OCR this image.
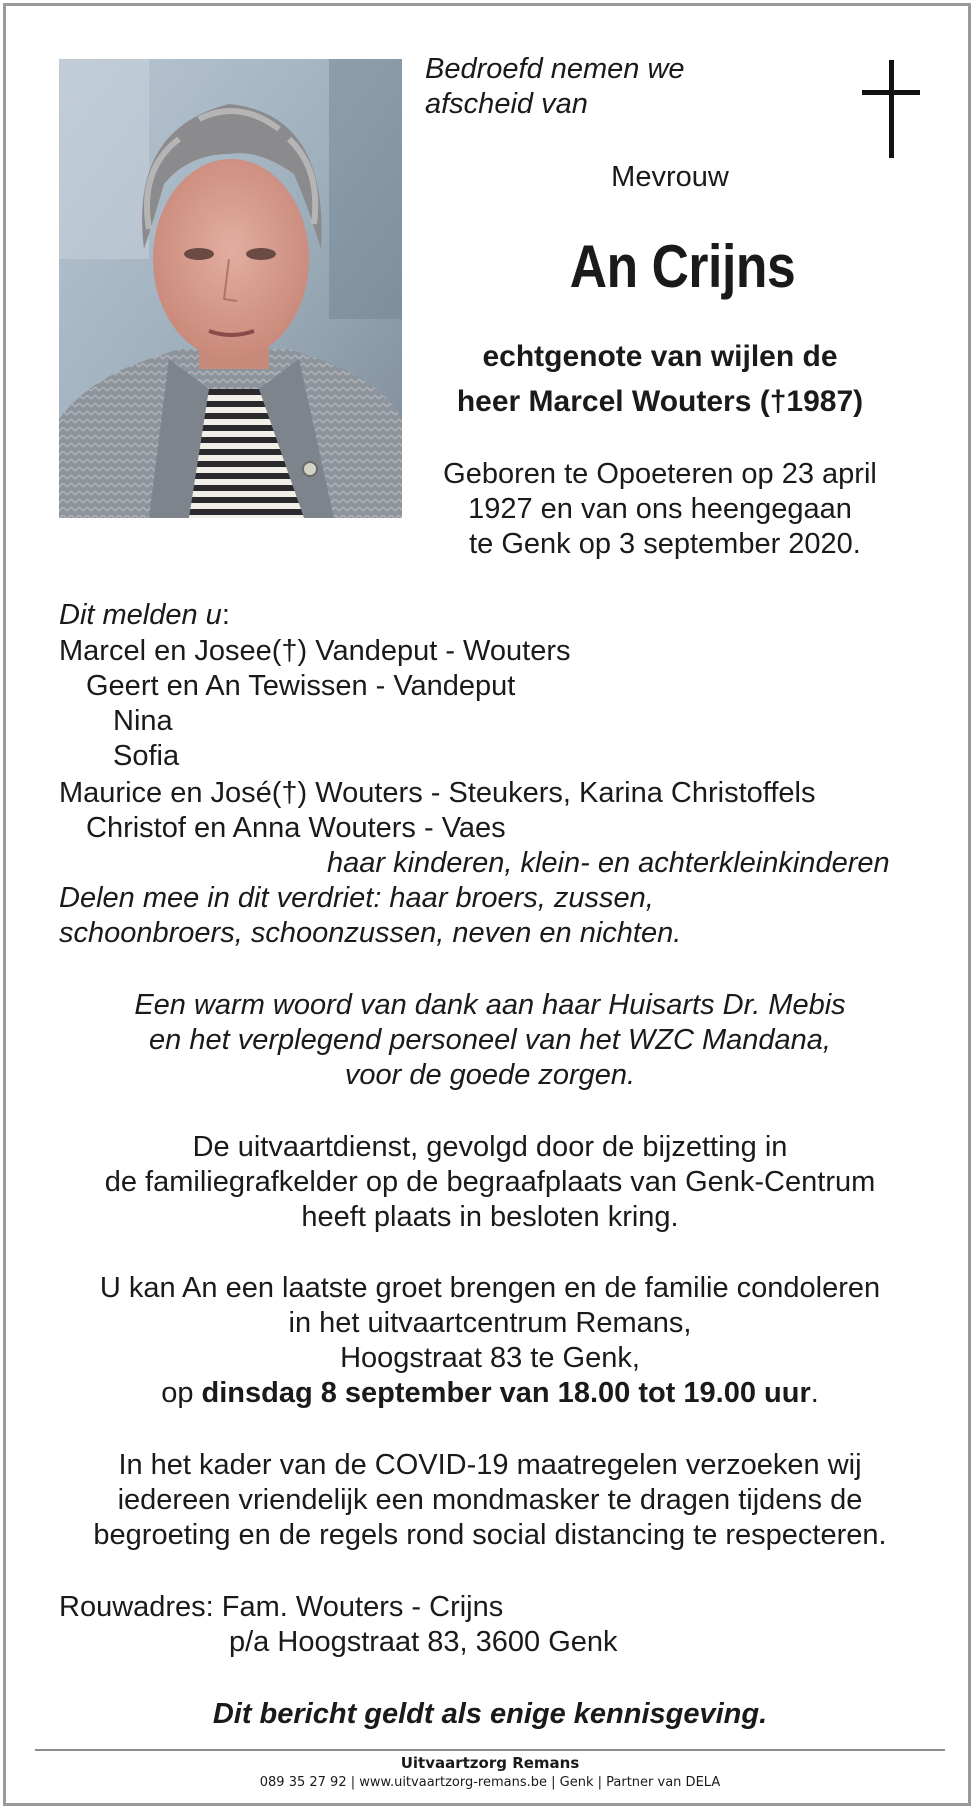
Bedroefd nemen we
afscheid van
Mevrouw
An Crijns
echtgenote van wijlen de
heer Marcel Wouters (†1987)
Geboren te Opoeteren op 23 april
1927 en van ons heengegaan
te Genk op 3 september 2020.
Dit melden u:
Marcel en Josee(†) Vandeput - Wouters
Geert en An Tewissen - Vandeput
Nina
Sofia
Maurice en José(†) Wouters - Steukers, Karina Christoffels
Christof en Anna Wouters - Vaes
haar kinderen, klein- en achterkleinkinderen
Delen mee in dit verdriet: haar broers, zussen,
schoonbroers, schoonzussen, neven en nichten.
Een warm woord van dank aan haar Huisarts Dr. Mebis
en het verplegend personeel van het WZC Mandana,
voor de goede zorgen.
De uitvaartdienst, gevolgd door de bijzetting in
de familiegrafkelder op de begraafplaats van Genk-Centrum
heeft plaats in besloten kring.
U kan An een laatste groet brengen en de familie condoleren
in het uitvaartcentrum Remans,
Hoogstraat 83 te Genk,
op dinsdag 8 september van 18.00 tot 19.00 uur.
In het kader van de COVID-19 maatregelen verzoeken wij
iedereen vriendelijk een mondmasker te dragen tijdens de
begroeting en de regels rond social distancing te respecteren.
Rouwadres: Fam. Wouters - Crijns
p/a Hoogstraat 83, 3600 Genk
Dit bericht geldt als enige kennisgeving.
Uitvaartzorg Remans
089 35 27 92 | www.uitvaartzorg-remans.be | Genk | Partner van DELA
